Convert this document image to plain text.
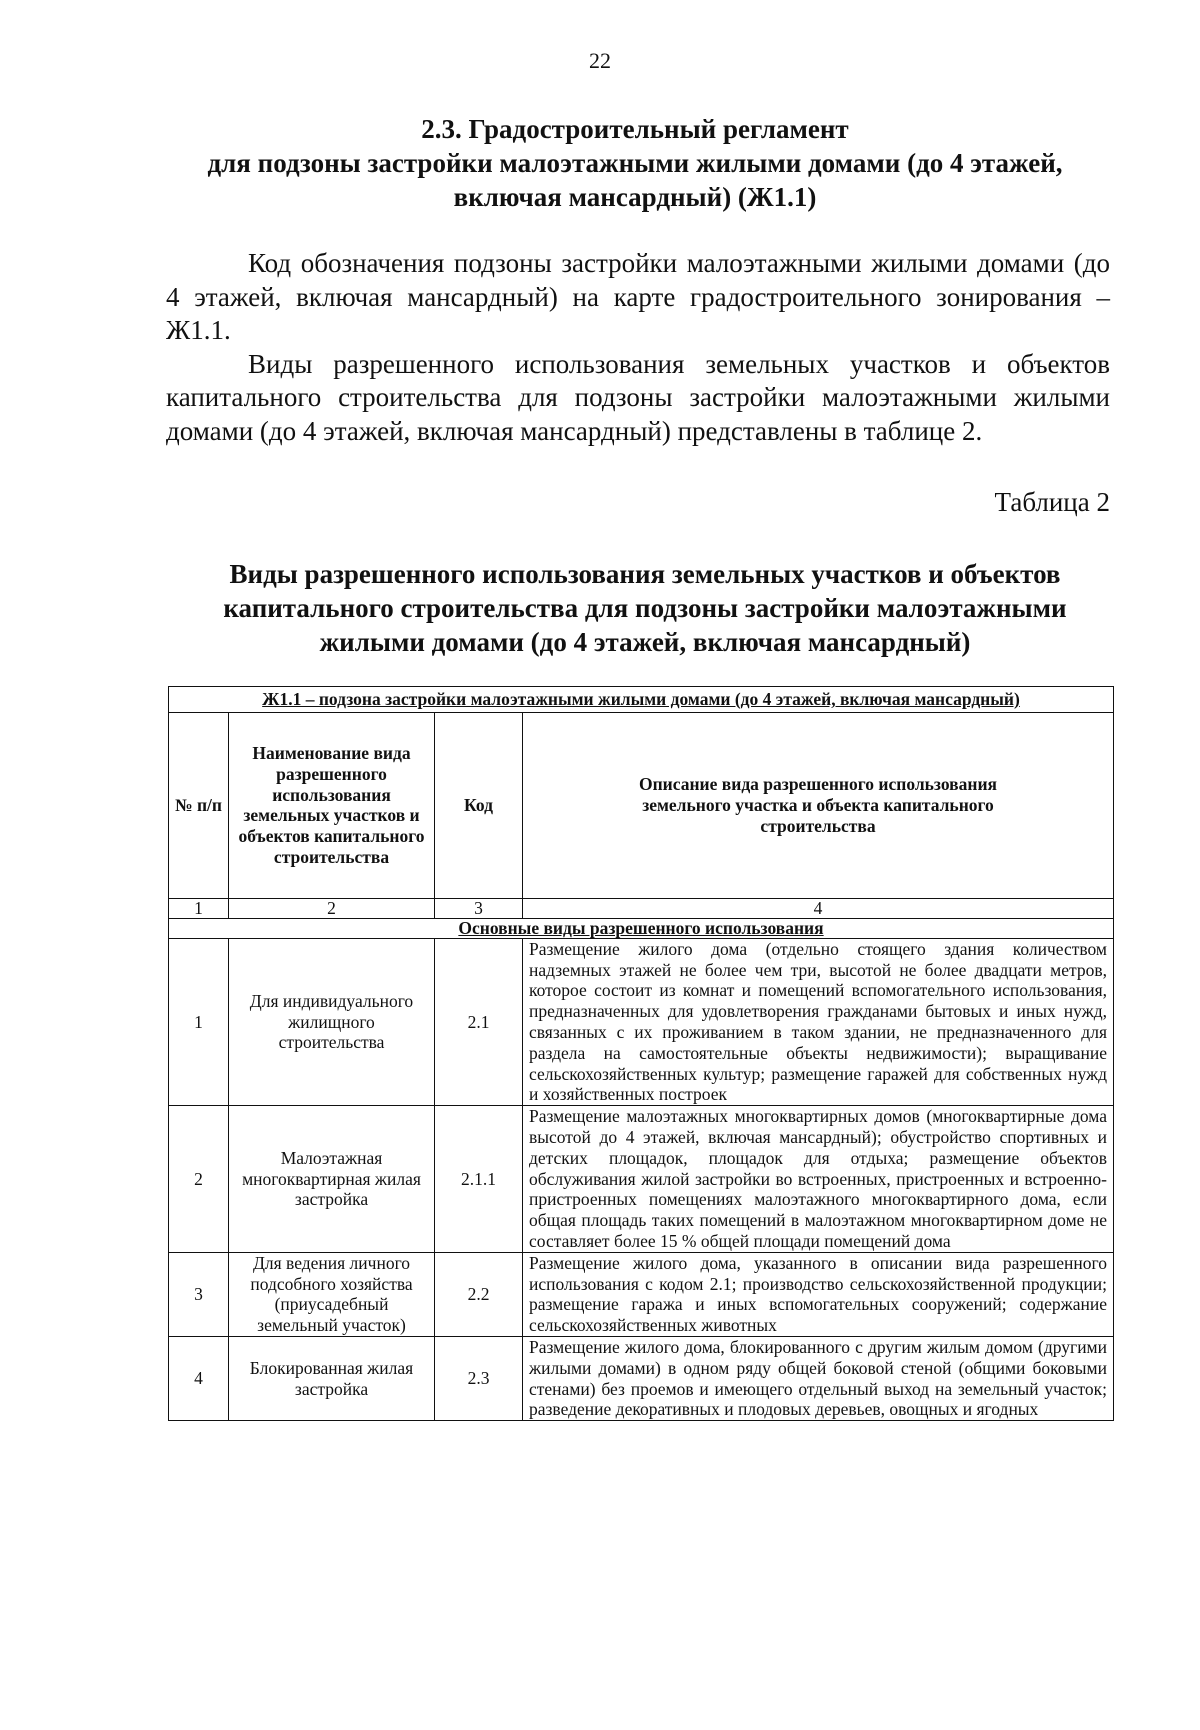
22
2.3. Градостроительный регламент
для подзоны застройки малоэтажными жилыми домами (до 4 этажей,
включая мансардный) (Ж1.1)

Код обозначения подзоны застройки малоэтажными жилыми домами (до 4 этажей, включая мансардный) на карте градостроительного зонирования – Ж1.1.

Виды разрешенного использования земельных участков и объектов капитального строительства для подзоны застройки малоэтажными жилыми домами (до 4 этажей, включая мансардный) представлены в таблице 2.

Таблица 2
Виды разрешенного использования земельных участков и объектов
капитального строительства для подзоны застройки малоэтажными
жилыми домами (до 4 этажей, включая мансардный)
Ж1.1 – подзона застройки малоэтажными жилыми домами (до 4 этажей, включая мансардный)			
№ п/п	Наименование вида разрешенного использования земельных участков и объектов капитального строительства	Код	Описание вида разрешенного использования земельного участка и объекта капитального строительства
1	2	3	4
Основные виды разрешенного использования			
1	Для индивидуального жилищного строительства	2.1	Размещение жилого дома (отдельно стоящего здания количеством надземных этажей не более чем три, высотой не более двадцати метров, которое состоит из комнат и помещений вспомогательного использования, предназначенных для удовлетворения гражданами бытовых и иных нужд, связанных с их проживанием в таком здании, не предназначенного для раздела на самостоятельные объекты недвижимости); выращивание сельскохозяйственных культур; размещение гаражей для собственных нужд и хозяйственных построек
2	Малоэтажная многоквартирная жилая застройка	2.1.1	Размещение малоэтажных многоквартирных домов (многоквартирные дома высотой до 4 этажей, включая мансардный); обустройство спортивных и детских площадок, площадок для отдыха; размещение объектов обслуживания жилой застройки во встроенных, пристроенных и встроенно-пристроенных помещениях малоэтажного многоквартирного дома, если общая площадь таких помещений в малоэтажном многоквартирном доме не составляет более 15 % общей площади помещений дома
3	Для ведения личного подсобного хозяйства (приусадебный земельный участок)	2.2	Размещение жилого дома, указанного в описании вида разрешенного использования с кодом 2.1; производство сельскохозяйственной продукции; размещение гаража и иных вспомогательных сооружений; содержание сельскохозяйственных животных
4	Блокированная жилая застройка	2.3	Размещение жилого дома, блокированного с другим жилым домом (другими жилыми домами) в одном ряду общей боковой стеной (общими боковыми стенами) без проемов и имеющего отдельный выход на земельный участок; разведение декоративных и плодовых деревьев, овощных и ягодных
